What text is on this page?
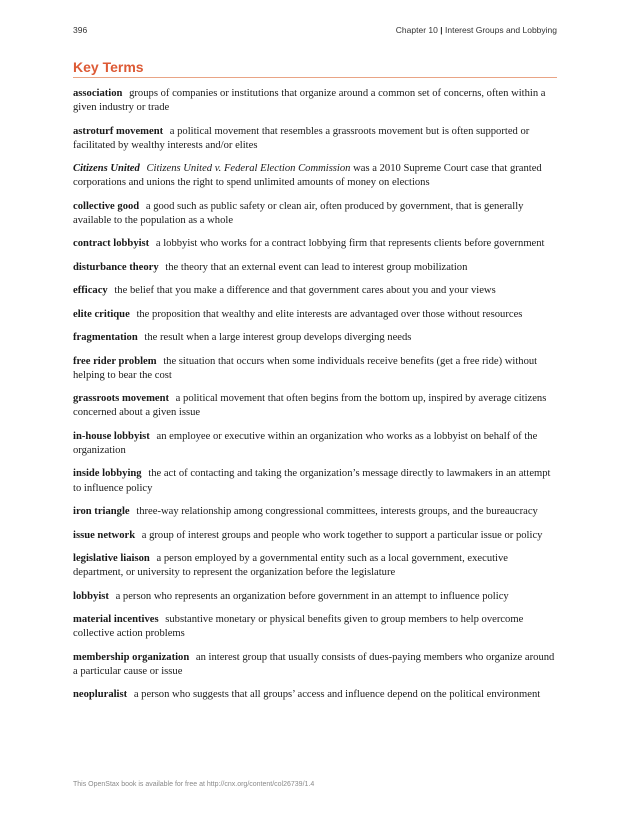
396	Chapter 10 | Interest Groups and Lobbying
Key Terms
association groups of companies or institutions that organize around a common set of concerns, often within a given industry or trade
astroturf movement a political movement that resembles a grassroots movement but is often supported or facilitated by wealthy interests and/or elites
Citizens United Citizens United v. Federal Election Commission was a 2010 Supreme Court case that granted corporations and unions the right to spend unlimited amounts of money on elections
collective good a good such as public safety or clean air, often produced by government, that is generally available to the population as a whole
contract lobbyist a lobbyist who works for a contract lobbying firm that represents clients before government
disturbance theory the theory that an external event can lead to interest group mobilization
efficacy the belief that you make a difference and that government cares about you and your views
elite critique the proposition that wealthy and elite interests are advantaged over those without resources
fragmentation the result when a large interest group develops diverging needs
free rider problem the situation that occurs when some individuals receive benefits (get a free ride) without helping to bear the cost
grassroots movement a political movement that often begins from the bottom up, inspired by average citizens concerned about a given issue
in-house lobbyist an employee or executive within an organization who works as a lobbyist on behalf of the organization
inside lobbying the act of contacting and taking the organization’s message directly to lawmakers in an attempt to influence policy
iron triangle three-way relationship among congressional committees, interests groups, and the bureaucracy
issue network a group of interest groups and people who work together to support a particular issue or policy
legislative liaison a person employed by a governmental entity such as a local government, executive department, or university to represent the organization before the legislature
lobbyist a person who represents an organization before government in an attempt to influence policy
material incentives substantive monetary or physical benefits given to group members to help overcome collective action problems
membership organization an interest group that usually consists of dues-paying members who organize around a particular cause or issue
neopluralist a person who suggests that all groups’ access and influence depend on the political environment
This OpenStax book is available for free at http://cnx.org/content/col26739/1.4
